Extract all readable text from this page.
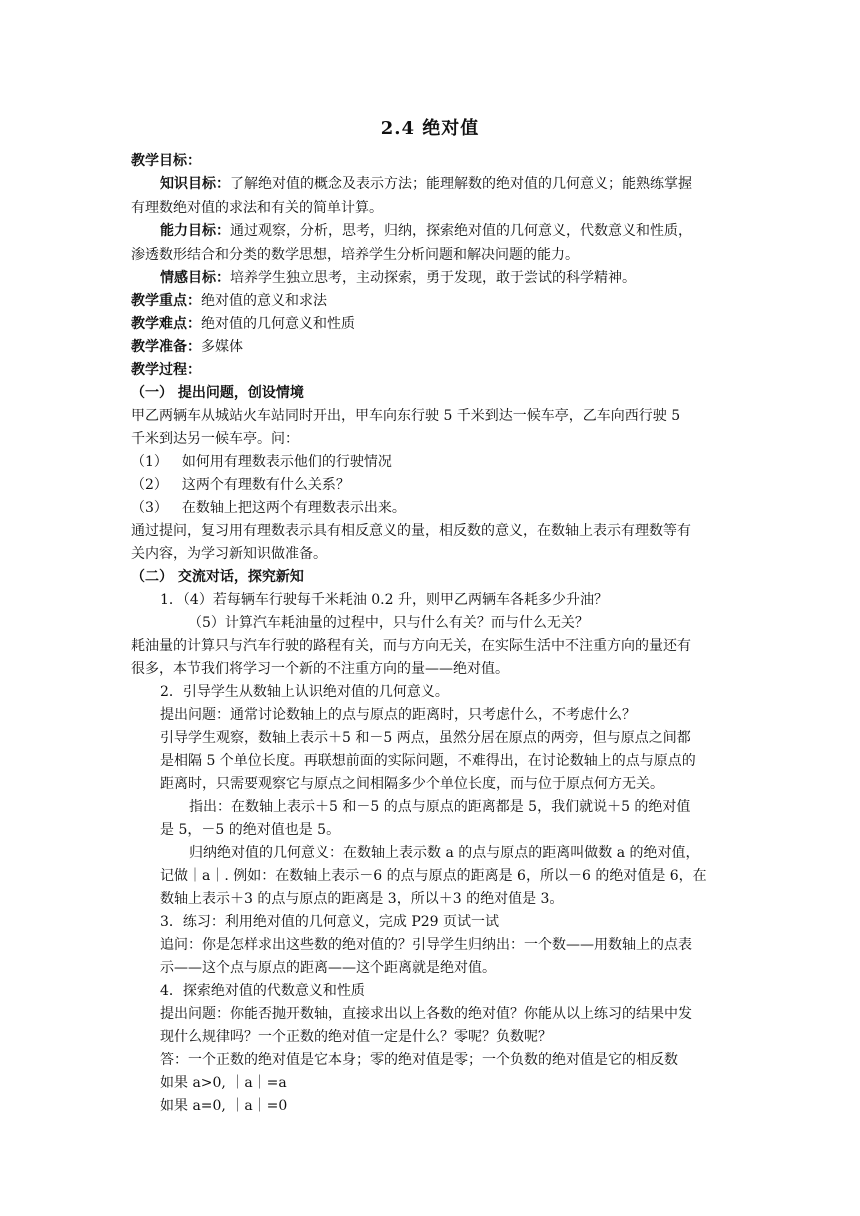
2.4 绝对值
教学目标：
知识目标：了解绝对值的概念及表示方法；能理解数的绝对值的几何意义；能熟练掌握
有理数绝对值的求法和有关的简单计算。
能力目标：通过观察，分析，思考，归纳，探索绝对值的几何意义，代数意义和性质，
渗透数形结合和分类的数学思想，培养学生分析问题和解决问题的能力。
情感目标：培养学生独立思考，主动探索，勇于发现，敢于尝试的科学精神。
教学重点：绝对值的意义和求法
教学难点：绝对值的几何意义和性质
教学准备：多媒体
教学过程：
（一） 提出问题，创设情境
甲乙两辆车从城站火车站同时开出，甲车向东行驶 5 千米到达一候车亭，乙车向西行驶 5
千米到达另一候车亭。问：
（1） 如何用有理数表示他们的行驶情况
（2） 这两个有理数有什么关系？
（3） 在数轴上把这两个有理数表示出来。
通过提问，复习用有理数表示具有相反意义的量，相反数的意义，在数轴上表示有理数等有
关内容，为学习新知识做准备。
（二） 交流对话，探究新知
1．（4）若每辆车行驶每千米耗油 0.2 升，则甲乙两辆车各耗多少升油？
（5）计算汽车耗油量的过程中，只与什么有关？而与什么无关？
耗油量的计算只与汽车行驶的路程有关，而与方向无关，在实际生活中不注重方向的量还有
很多，本节我们将学习一个新的不注重方向的量——绝对值。
2．引导学生从数轴上认识绝对值的几何意义。
提出问题：通常讨论数轴上的点与原点的距离时，只考虑什么，不考虑什么？
引导学生观察，数轴上表示＋5 和－5 两点，虽然分居在原点的两旁，但与原点之间都
是相隔 5 个单位长度。再联想前面的实际问题，不难得出，在讨论数轴上的点与原点的
距离时，只需要观察它与原点之间相隔多少个单位长度，而与位于原点何方无关。
指出：在数轴上表示＋5 和－5 的点与原点的距离都是 5，我们就说＋5 的绝对值
是 5，－5 的绝对值也是 5。
归纳绝对值的几何意义：在数轴上表示数 a 的点与原点的距离叫做数 a 的绝对值，
记做｜a｜. 例如：在数轴上表示－6 的点与原点的距离是 6，所以－6 的绝对值是 6，在
数轴上表示＋3 的点与原点的距离是 3，所以＋3 的绝对值是 3。
3．练习：利用绝对值的几何意义，完成 P29 页试一试
追问：你是怎样求出这些数的绝对值的？引导学生归纳出：一个数——用数轴上的点表
示——这个点与原点的距离——这个距离就是绝对值。
4．探索绝对值的代数意义和性质
提出问题：你能否抛开数轴，直接求出以上各数的绝对值？你能从以上练习的结果中发
现什么规律吗？一个正数的绝对值一定是什么？零呢？负数呢？
答：一个正数的绝对值是它本身；零的绝对值是零；一个负数的绝对值是它的相反数
如果 a>0, ｜a｜=a
如果 a=0, ｜a｜=0
